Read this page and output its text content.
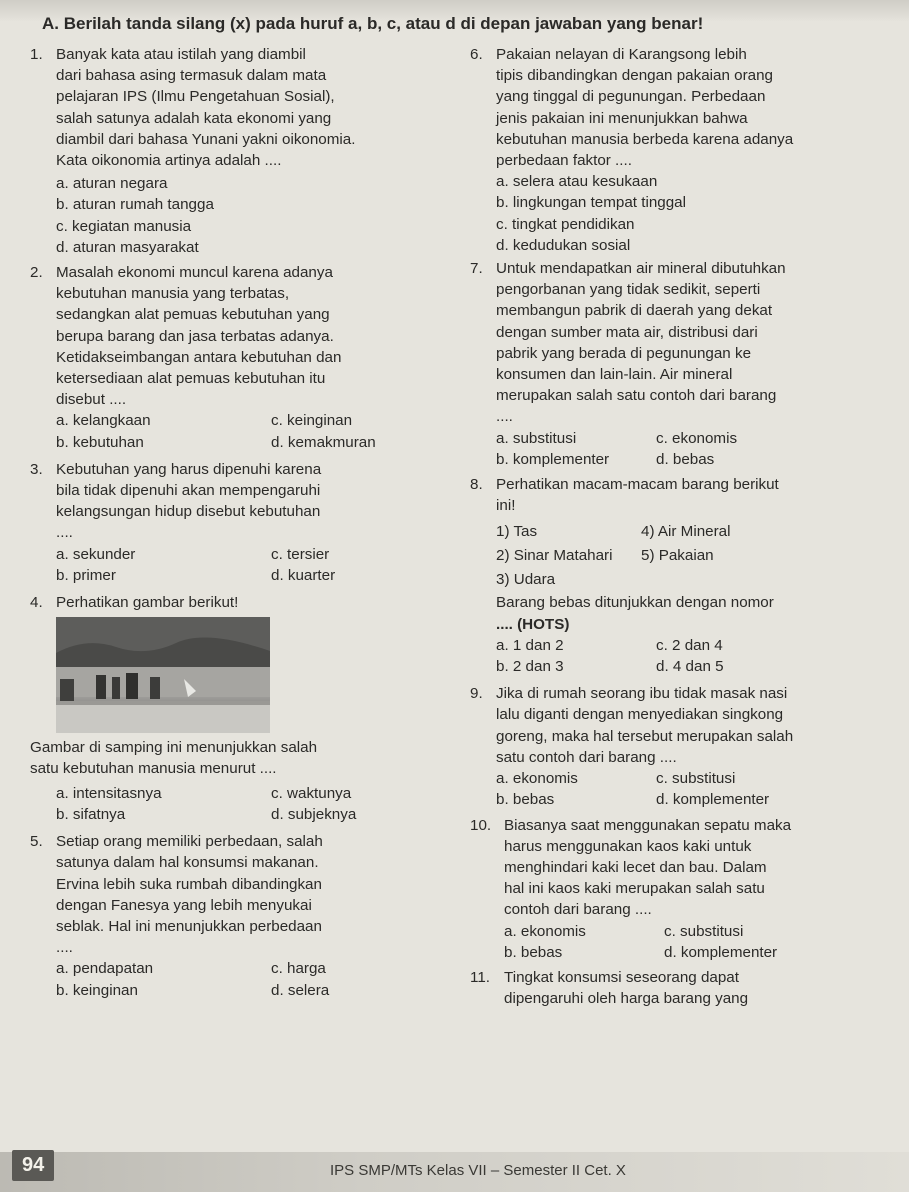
A. Berilah tanda silang (x) pada huruf a, b, c, atau d di depan jawaban yang benar!
1. Banyak kata atau istilah yang diambil
dari bahasa asing termasuk dalam mata
pelajaran IPS (Ilmu Pengetahuan Sosial),
salah satunya adalah kata ekonomi yang
diambil dari bahasa Yunani yakni oikonomia.
Kata oikonomia artinya adalah ....
a. aturan negara
b. aturan rumah tangga
c. kegiatan manusia
d. aturan masyarakat
2. Masalah ekonomi muncul karena adanya
kebutuhan manusia yang terbatas,
sedangkan alat pemuas kebutuhan yang
berupa barang dan jasa terbatas adanya.
Ketidakseimbangan antara kebutuhan dan
ketersediaan alat pemuas kebutuhan itu
disebut ....
a. kelangkaan	c. keinginan
b. kebutuhan	d. kemakmuran
3. Kebutuhan yang harus dipenuhi karena
bila tidak dipenuhi akan mempengaruhi
kelangsungan hidup disebut kebutuhan
....
a. sekunder	c. tersier
b. primer	d. kuarter
4. Perhatikan gambar berikut!
Gambar di samping ini menunjukkan salah
satu kebutuhan manusia menurut ....
a. intensitasnya	c. waktunya
b. sifatnya	d. subjeknya
5. Setiap orang memiliki perbedaan, salah
satunya dalam hal konsumsi makanan.
Ervina lebih suka rumbah dibandingkan
dengan Fanesya yang lebih menyukai
seblak. Hal ini menunjukkan perbedaan
....
a. pendapatan	c. harga
b. keinginan	d. selera
6. Pakaian nelayan di Karangsong lebih
tipis dibandingkan dengan pakaian orang
yang tinggal di pegunungan. Perbedaan
jenis pakaian ini menunjukkan bahwa
kebutuhan manusia berbeda karena adanya
perbedaan faktor ....
a. selera atau kesukaan
b. lingkungan tempat tinggal
c. tingkat pendidikan
d. kedudukan sosial
7. Untuk mendapatkan air mineral dibutuhkan
pengorbanan yang tidak sedikit, seperti
membangun pabrik di daerah yang dekat
dengan sumber mata air, distribusi dari
pabrik yang berada di pegunungan ke
konsumen dan lain-lain. Air mineral
merupakan salah satu contoh dari barang
....
a. substitusi	c. ekonomis
b. komplementer	d. bebas
8. Perhatikan macam-macam barang berikut
ini!
1) Tas	4) Air Mineral
2) Sinar Matahari	5) Pakaian
3) Udara
Barang bebas ditunjukkan dengan nomor
.... (HOTS)
a. 1 dan 2	c. 2 dan 4
b. 2 dan 3	d. 4 dan 5
9. Jika di rumah seorang ibu tidak masak nasi
lalu diganti dengan menyediakan singkong
goreng, maka hal tersebut merupakan salah
satu contoh dari barang ....
a. ekonomis	c. substitusi
b. bebas	d. komplementer
10. Biasanya saat menggunakan sepatu maka
harus menggunakan kaos kaki untuk
menghindari kaki lecet dan bau. Dalam
hal ini kaos kaki merupakan salah satu
contoh dari barang ....
a. ekonomis	c. substitusi
b. bebas	d. komplementer
11. Tingkat konsumsi seseorang dapat
dipengaruhi oleh harga barang yang
94	IPS SMP/MTs Kelas VII – Semester II Cet. X
